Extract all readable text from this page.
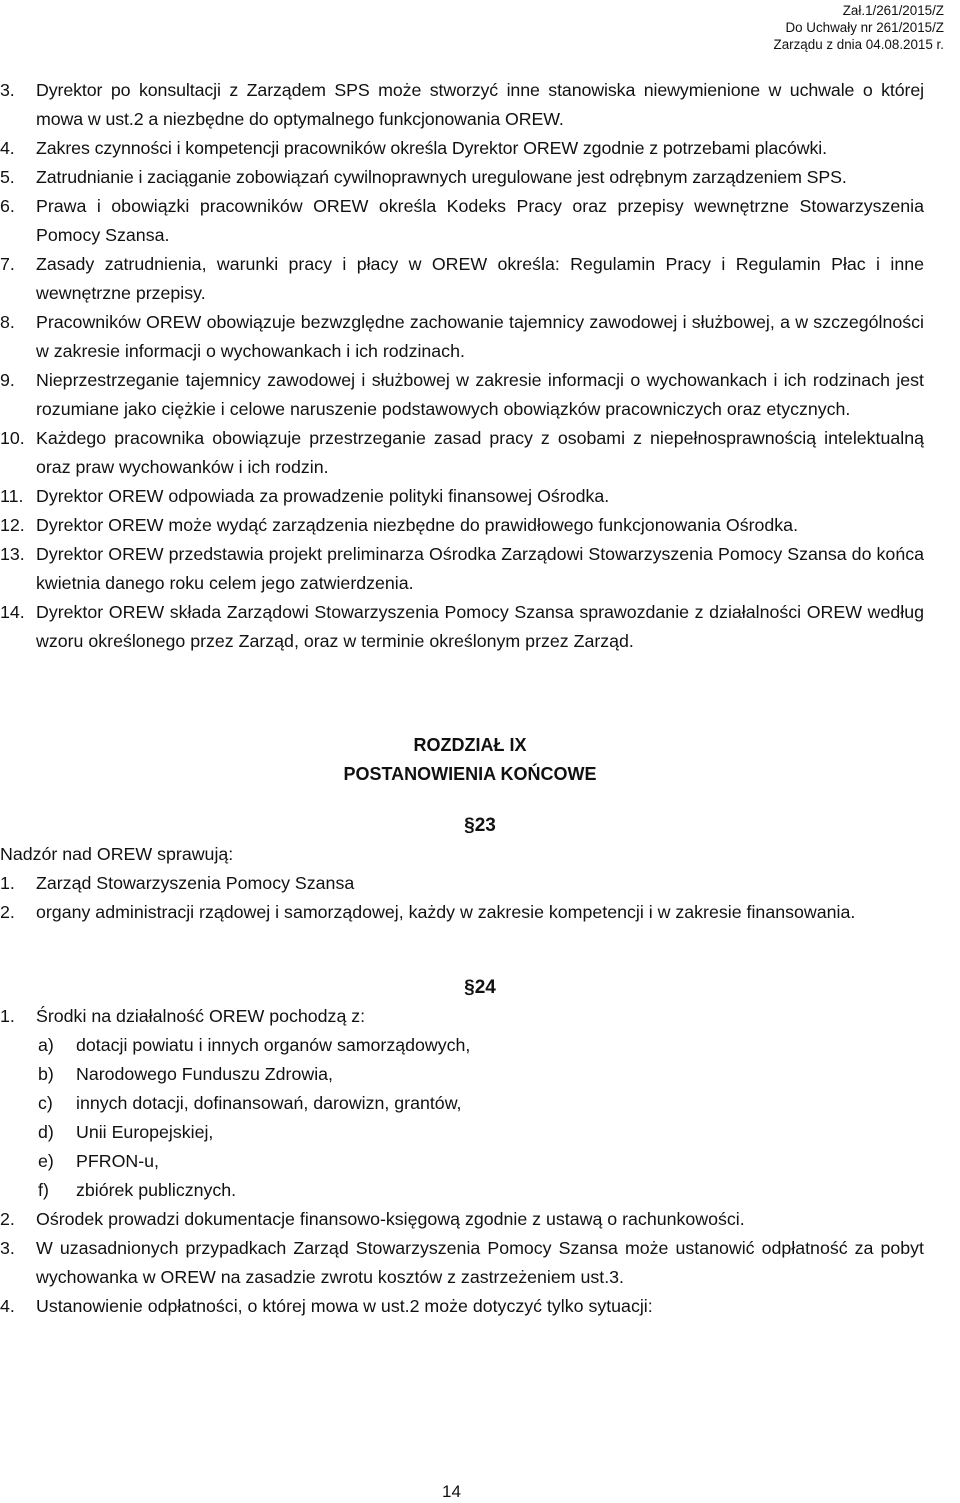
Zał.1/261/2015/Z
Do Uchwały nr 261/2015/Z
Zarządu z dnia 04.08.2015 r.
3. Dyrektor po konsultacji z Zarządem SPS może stworzyć inne stanowiska niewymienione w uchwale o której mowa w ust.2 a niezbędne do optymalnego funkcjonowania OREW.
4. Zakres czynności i kompetencji pracowników określa Dyrektor OREW zgodnie z potrzebami placówki.
5. Zatrudnianie i zaciąganie zobowiązań cywilnoprawnych uregulowane jest odrębnym zarządzeniem SPS.
6. Prawa i obowiązki pracowników OREW określa Kodeks Pracy oraz przepisy wewnętrzne Stowarzyszenia Pomocy Szansa.
7. Zasady zatrudnienia, warunki pracy i płacy w OREW określa: Regulamin Pracy i Regulamin Płac i inne wewnętrzne przepisy.
8. Pracowników OREW obowiązuje bezwzględne zachowanie tajemnicy zawodowej i służbowej, a w szczególności w zakresie informacji o wychowankach i ich rodzinach.
9. Nieprzestrzeganie tajemnicy zawodowej i służbowej w zakresie informacji o wychowankach i ich rodzinach jest rozumiane jako ciężkie i celowe naruszenie podstawowych obowiązków pracowniczych oraz etycznych.
10. Każdego pracownika obowiązuje przestrzeganie zasad pracy z osobami z niepełnosprawnością intelektualną oraz praw wychowanków i ich rodzin.
11. Dyrektor OREW odpowiada za prowadzenie polityki finansowej Ośrodka.
12. Dyrektor OREW może wydąć zarządzenia niezbędne do prawidłowego funkcjonowania Ośrodka.
13. Dyrektor OREW przedstawia projekt preliminarza Ośrodka Zarządowi Stowarzyszenia Pomocy Szansa do końca kwietnia danego roku celem jego zatwierdzenia.
14. Dyrektor OREW składa Zarządowi Stowarzyszenia Pomocy Szansa sprawozdanie z działalności OREW według wzoru określonego przez Zarząd, oraz w terminie określonym przez Zarząd.
ROZDZIAŁ IX
POSTANOWIENIA KOŃCOWE
§23
Nadzór nad OREW sprawują:
1. Zarząd Stowarzyszenia Pomocy Szansa
2. organy administracji rządowej i samorządowej, każdy w zakresie kompetencji i w zakresie finansowania.
§24
1. Środki na działalność OREW pochodzą z:
a) dotacji powiatu i innych organów samorządowych,
b) Narodowego Funduszu Zdrowia,
c) innych dotacji, dofinansowań, darowizn, grantów,
d) Unii Europejskiej,
e) PFRON-u,
f) zbiórek publicznych.
2. Ośrodek prowadzi dokumentacje finansowo-księgową zgodnie z ustawą o rachunkowości.
3. W uzasadnionych przypadkach Zarząd Stowarzyszenia Pomocy Szansa może ustanowić odpłatność za pobyt wychowanka w OREW na zasadzie zwrotu kosztów z zastrzeżeniem ust.3.
4. Ustanowienie odpłatności, o której mowa w ust.2 może dotyczyć tylko sytuacji:
14
